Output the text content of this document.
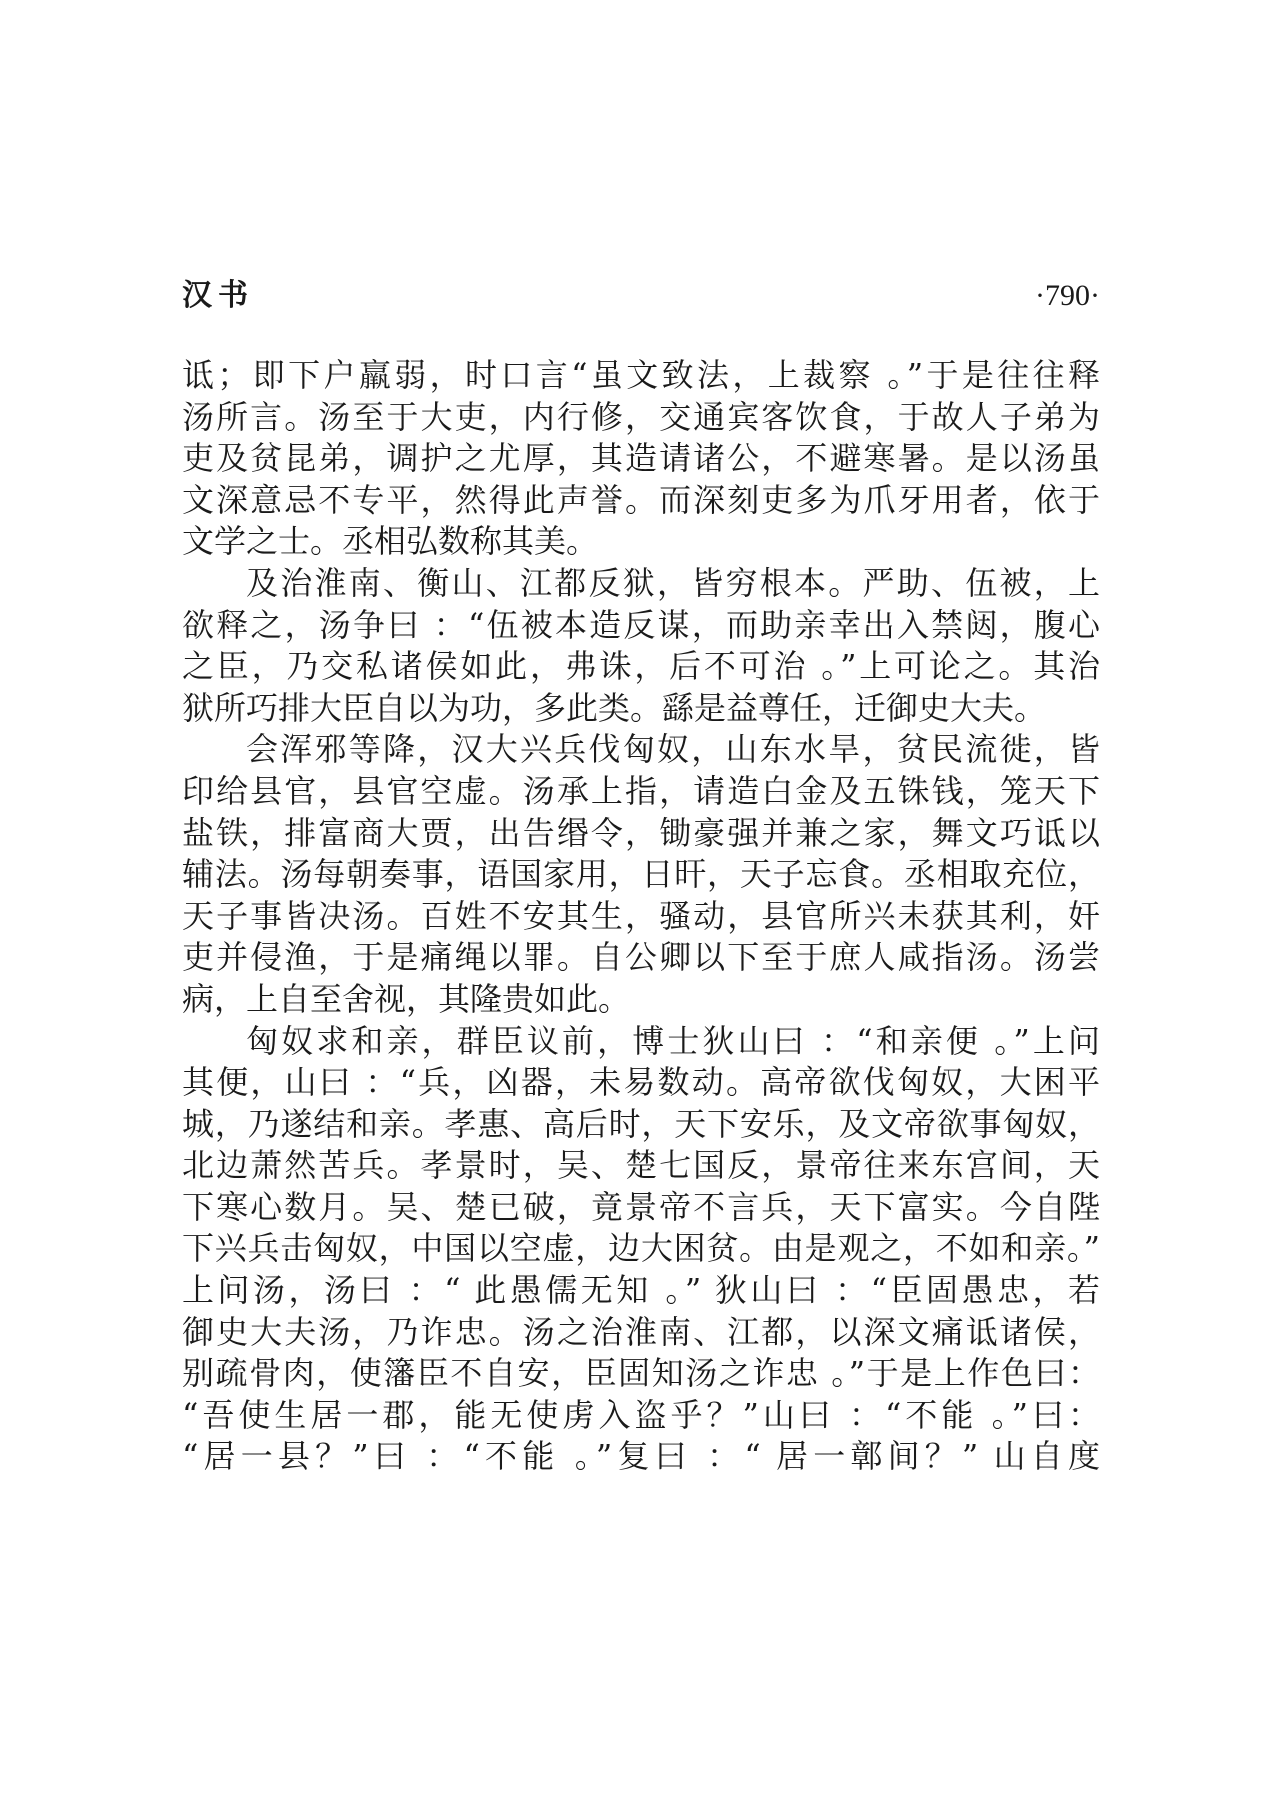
汉书	·790·
诋；即下户羸弱，时口言“虽文致法，上裁察 。”于是往往释
汤所言。汤至于大吏，内行修，交通宾客饮食，于故人子弟为
吏及贫昆弟，调护之尤厚，其造请诸公，不避寒暑。是以汤虽
文深意忌不专平，然得此声誉。而深刻吏多为爪牙用者，依于
文学之士。丞相弘数称其美。
及治淮南、衡山、江都反狱，皆穷根本。严助、伍被，上
欲释之，汤争曰 ：“伍被本造反谋，而助亲幸出入禁闼，腹心
之臣，乃交私诸侯如此，弗诛，后不可治 。”上可论之。其治
狱所巧排大臣自以为功，多此类。繇是益尊任，迁御史大夫。
会浑邪等降，汉大兴兵伐匈奴，山东水旱，贫民流徙，皆
印给县官，县官空虚。汤承上指，请造白金及五铢钱，笼天下
盐铁，排富商大贾，出告缗令，锄豪强并兼之家，舞文巧诋以
辅法。汤每朝奏事，语国家用，日旰，天子忘食。丞相取充位，
天子事皆决汤。百姓不安其生，骚动，县官所兴未获其利，奸
吏并侵渔，于是痛绳以罪。自公卿以下至于庶人咸指汤。汤尝
病，上自至舍视，其隆贵如此。
匈奴求和亲，群臣议前，博士狄山曰 ：“和亲便 。”上问
其便，山曰 ：“兵，凶器，未易数动。高帝欲伐匈奴，大困平
城，乃遂结和亲。孝惠、高后时，天下安乐，及文帝欲事匈奴，
北边萧然苦兵。孝景时，吴、楚七国反，景帝往来东宫间，天
下寒心数月。吴、楚已破，竟景帝不言兵，天下富实。今自陛
下兴兵击匈奴，中国以空虚，边大困贫。由是观之，不如和亲。”
上问汤，汤曰 ：“ 此愚儒无知 。” 狄山曰 ：“臣固愚忠，若
御史大夫汤，乃诈忠。汤之治淮南、江都，以深文痛诋诸侯，
别疏骨肉，使籓臣不自安，臣固知汤之诈忠 。”于是上作色曰：
“吾使生居一郡，能无使虏入盗乎？”山曰 ：“不能 。”曰：
“居一县？”曰 ：“不能 。”复曰 ：“ 居一鄣间？” 山自度
